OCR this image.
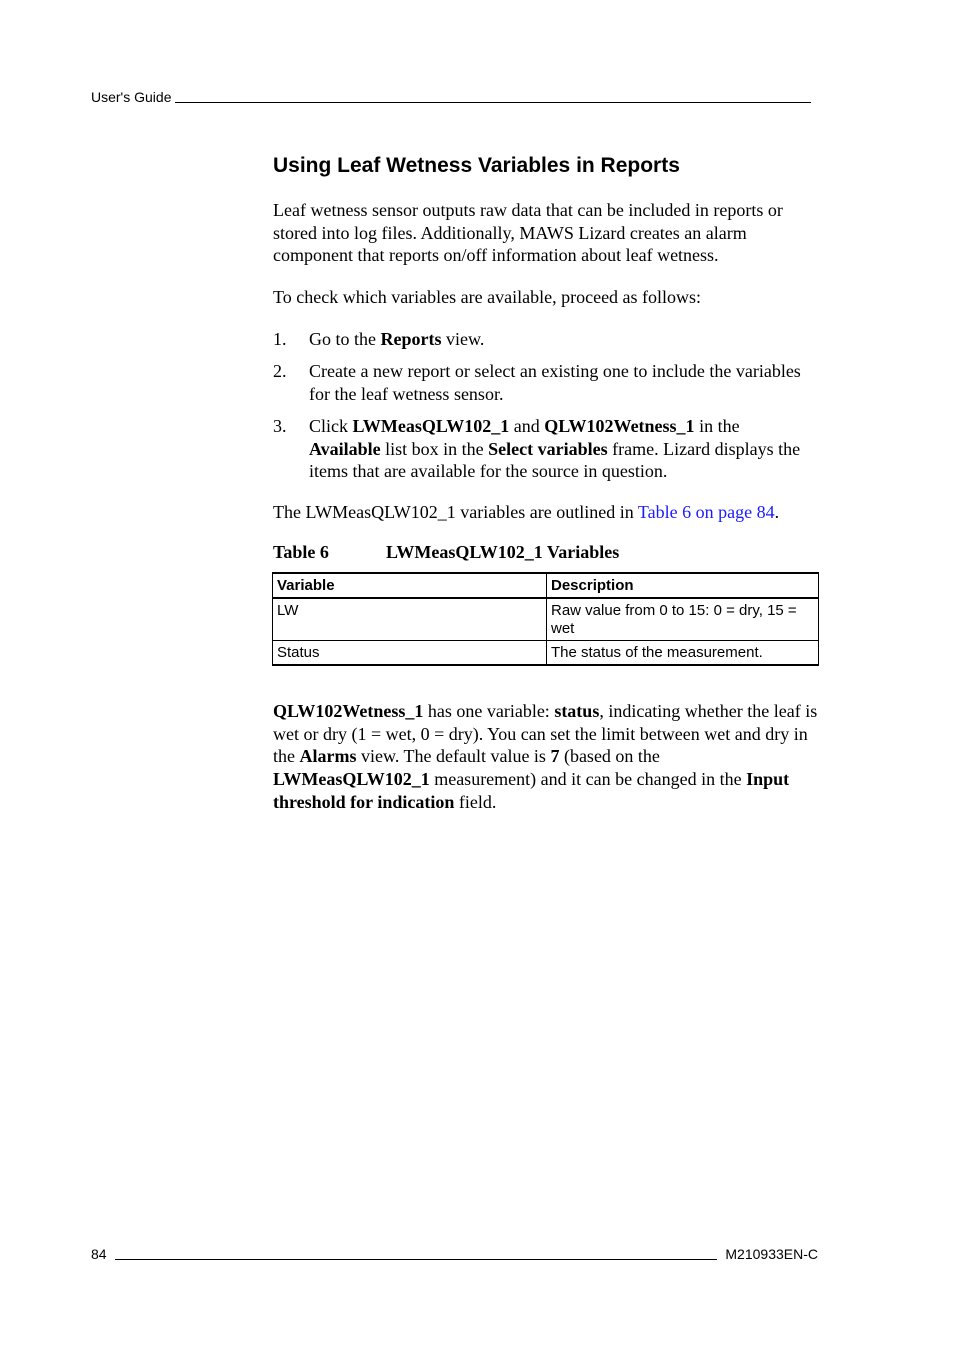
User's Guide
Using Leaf Wetness Variables in Reports

Leaf wetness sensor outputs raw data that can be included in reports or stored into log files. Additionally, MAWS Lizard creates an alarm component that reports on/off information about leaf wetness.

To check which variables are available, proceed as follows:

1.	Go to the Reports view.
2.	Create a new report or select an existing one to include the variables for the leaf wetness sensor.
3.	Click LWMeasQLW102_1 and QLW102Wetness_1 in the
Available list box in the Select variables frame. Lizard displays the items that are available for the source in question.

The LWMeasQLW102_1 variables are outlined in Table 6 on page 84.

Table 6	LWMeasQLW102_1 Variables
Variable	Description
LW	Raw value from 0 to 15: 0 = dry, 15 = wet
Status	The status of the measurement.

QLW102Wetness_1 has one variable: status, indicating whether the leaf is wet or dry (1 = wet, 0 = dry). You can set the limit between wet and dry in the Alarms view. The default value is 7 (based on the LWMeasQLW102_1 measurement) and it can be changed in the Input threshold for indication field.

84	M210933EN-C
